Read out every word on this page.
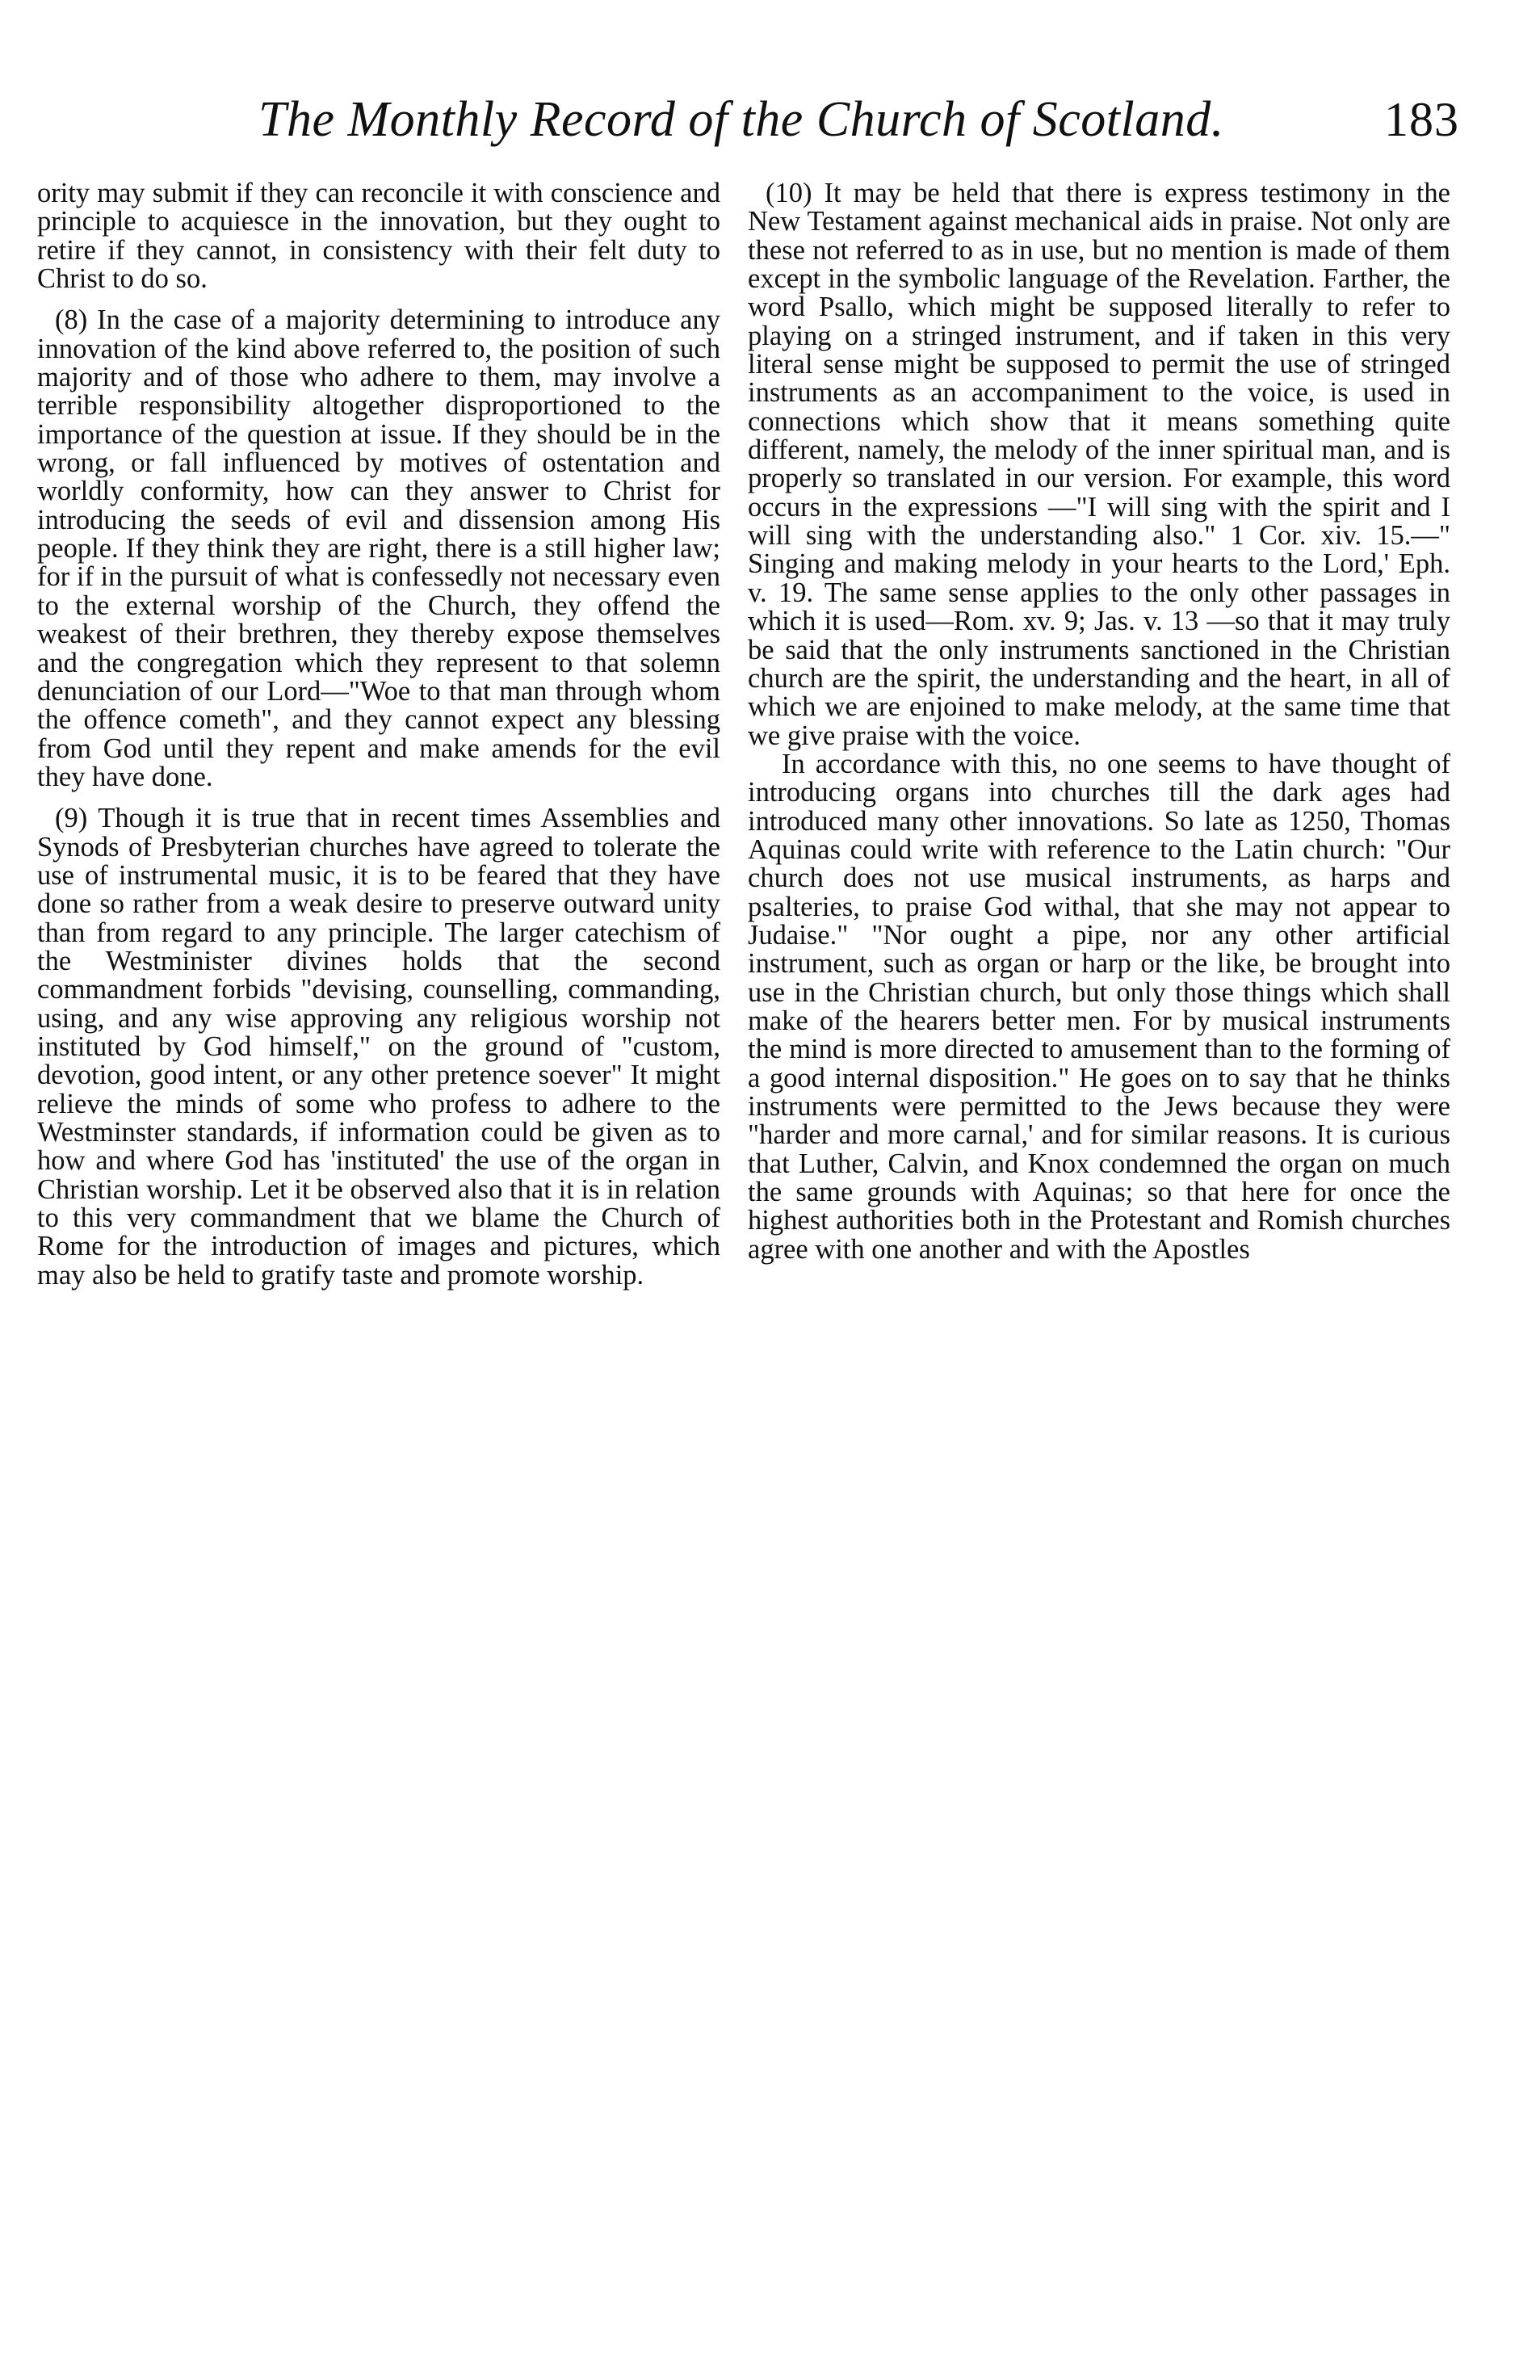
The Monthly Record of the Church of Scotland.	183

ority may submit if they can reconcile it with conscience and principle to acquiesce in the innovation, but they ought to retire if they cannot, in consistency with their felt duty to Christ to do so.

(8) In the case of a majority determining to introduce any innovation of the kind above referred to, the position of such majority and of those who adhere to them, may involve a terrible responsibility altogether disproportioned to the importance of the question at issue. If they should be in the wrong, or fall influenced by motives of ostentation and worldly conformity, how can they answer to Christ for introducing the seeds of evil and dissension among His people. If they think they are right, there is a still higher law; for if in the pursuit of what is confessedly not necessary even to the external worship of the Church, they offend the weakest of their brethren, they thereby expose themselves and the congregation which they represent to that solemn denunciation of our Lord—"Woe to that man through whom the offence cometh", and they cannot expect any blessing from God until they repent and make amends for the evil they have done.

(9) Though it is true that in recent times Assemblies and Synods of Presbyterian churches have agreed to tolerate the use of instrumental music, it is to be feared that they have done so rather from a weak desire to preserve outward unity than from regard to any principle. The larger catechism of the Westminister divines holds that the second commandment forbids "devising, counselling, commanding, using, and any wise approving any religious worship not instituted by God himself," on the ground of "custom, devotion, good intent, or any other pretence soever" It might relieve the minds of some who profess to adhere to the Westminster standards, if information could be given as to how and where God has 'instituted' the use of the organ in Christian worship. Let it be observed also that it is in relation to this very commandment that we blame the Church of Rome for the introduction of images and pictures, which may also be held to gratify taste and promote worship.

(10) It may be held that there is express testimony in the New Testament against mechanical aids in praise. Not only are these not referred to as in use, but no mention is made of them except in the symbolic language of the Revelation. Farther, the word Psallo, which might be supposed literally to refer to playing on a stringed instrument, and if taken in this very literal sense might be supposed to permit the use of stringed instruments as an accompaniment to the voice, is used in connections which show that it means something quite different, namely, the melody of the inner spiritual man, and is properly so translated in our version. For example, this word occurs in the expressions —"I will sing with the spirit and I will sing with the understanding also." 1 Cor. xiv. 15.—" Singing and making melody in your hearts to the Lord,' Eph. v. 19. The same sense applies to the only other passages in which it is used—Rom. xv. 9; Jas. v. 13 —so that it may truly be said that the only instruments sanctioned in the Christian church are the spirit, the understanding and the heart, in all of which we are enjoined to make melody, at the same time that we give praise with the voice.

In accordance with this, no one seems to have thought of introducing organs into churches till the dark ages had introduced many other innovations. So late as 1250, Thomas Aquinas could write with reference to the Latin church: "Our church does not use musical instruments, as harps and psalteries, to praise God withal, that she may not appear to Judaise." "Nor ought a pipe, nor any other artificial instrument, such as organ or harp or the like, be brought into use in the Christian church, but only those things which shall make of the hearers better men. For by musical instruments the mind is more directed to amusement than to the forming of a good internal disposition." He goes on to say that he thinks instruments were permitted to the Jews because they were "harder and more carnal,' and for similar reasons. It is curious that Luther, Calvin, and Knox condemned the organ on much the same grounds with Aquinas; so that here for once the highest authorities both in the Protestant and Romish churches agree with one another and with the Apostles
